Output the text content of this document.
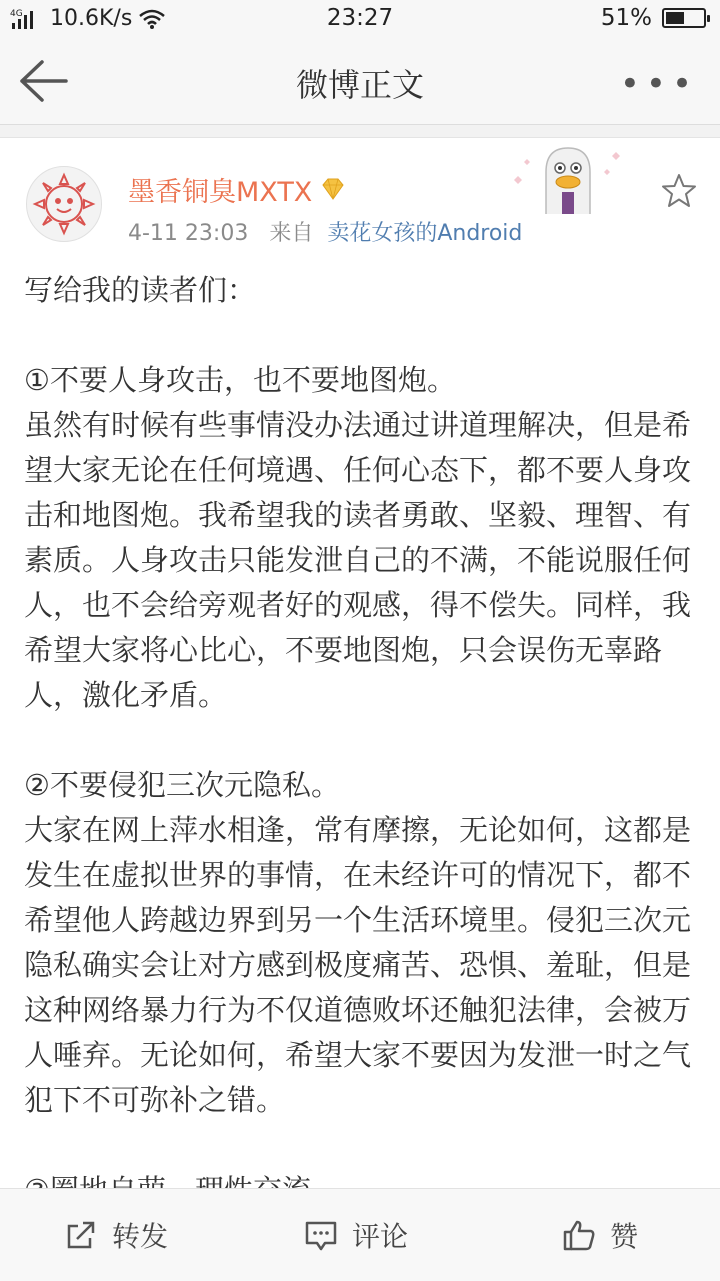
4G 10.6K/s	23:27	51%
微博正文	•••
墨香铜臭MXTX
4-11 23:03 来自 卖花女孩的Android

写给我的读者们：

①不要人身攻击，也不要地图炮。

虽然有时候有些事情没办法通过讲道理解决，但是希望大家无论在任何境遇、任何心态下，都不要人身攻击和地图炮。我希望我的读者勇敢、坚毅、理智、有素质。人身攻击只能发泄自己的不满，不能说服任何人，也不会给旁观者好的观感，得不偿失。同样，我希望大家将心比心，不要地图炮，只会误伤无辜路人，激化矛盾。

②不要侵犯三次元隐私。

大家在网上萍水相逢，常有摩擦，无论如何，这都是发生在虚拟世界的事情，在未经许可的情况下，都不希望他人跨越边界到另一个生活环境里。侵犯三次元隐私确实会让对方感到极度痛苦、恐惧、羞耻，但是这种网络暴力行为不仅道德败坏还触犯法律，会被万人唾弃。无论如何，希望大家不要因为发泄一时之气犯下不可弥补之错。

转发	评论	赞
